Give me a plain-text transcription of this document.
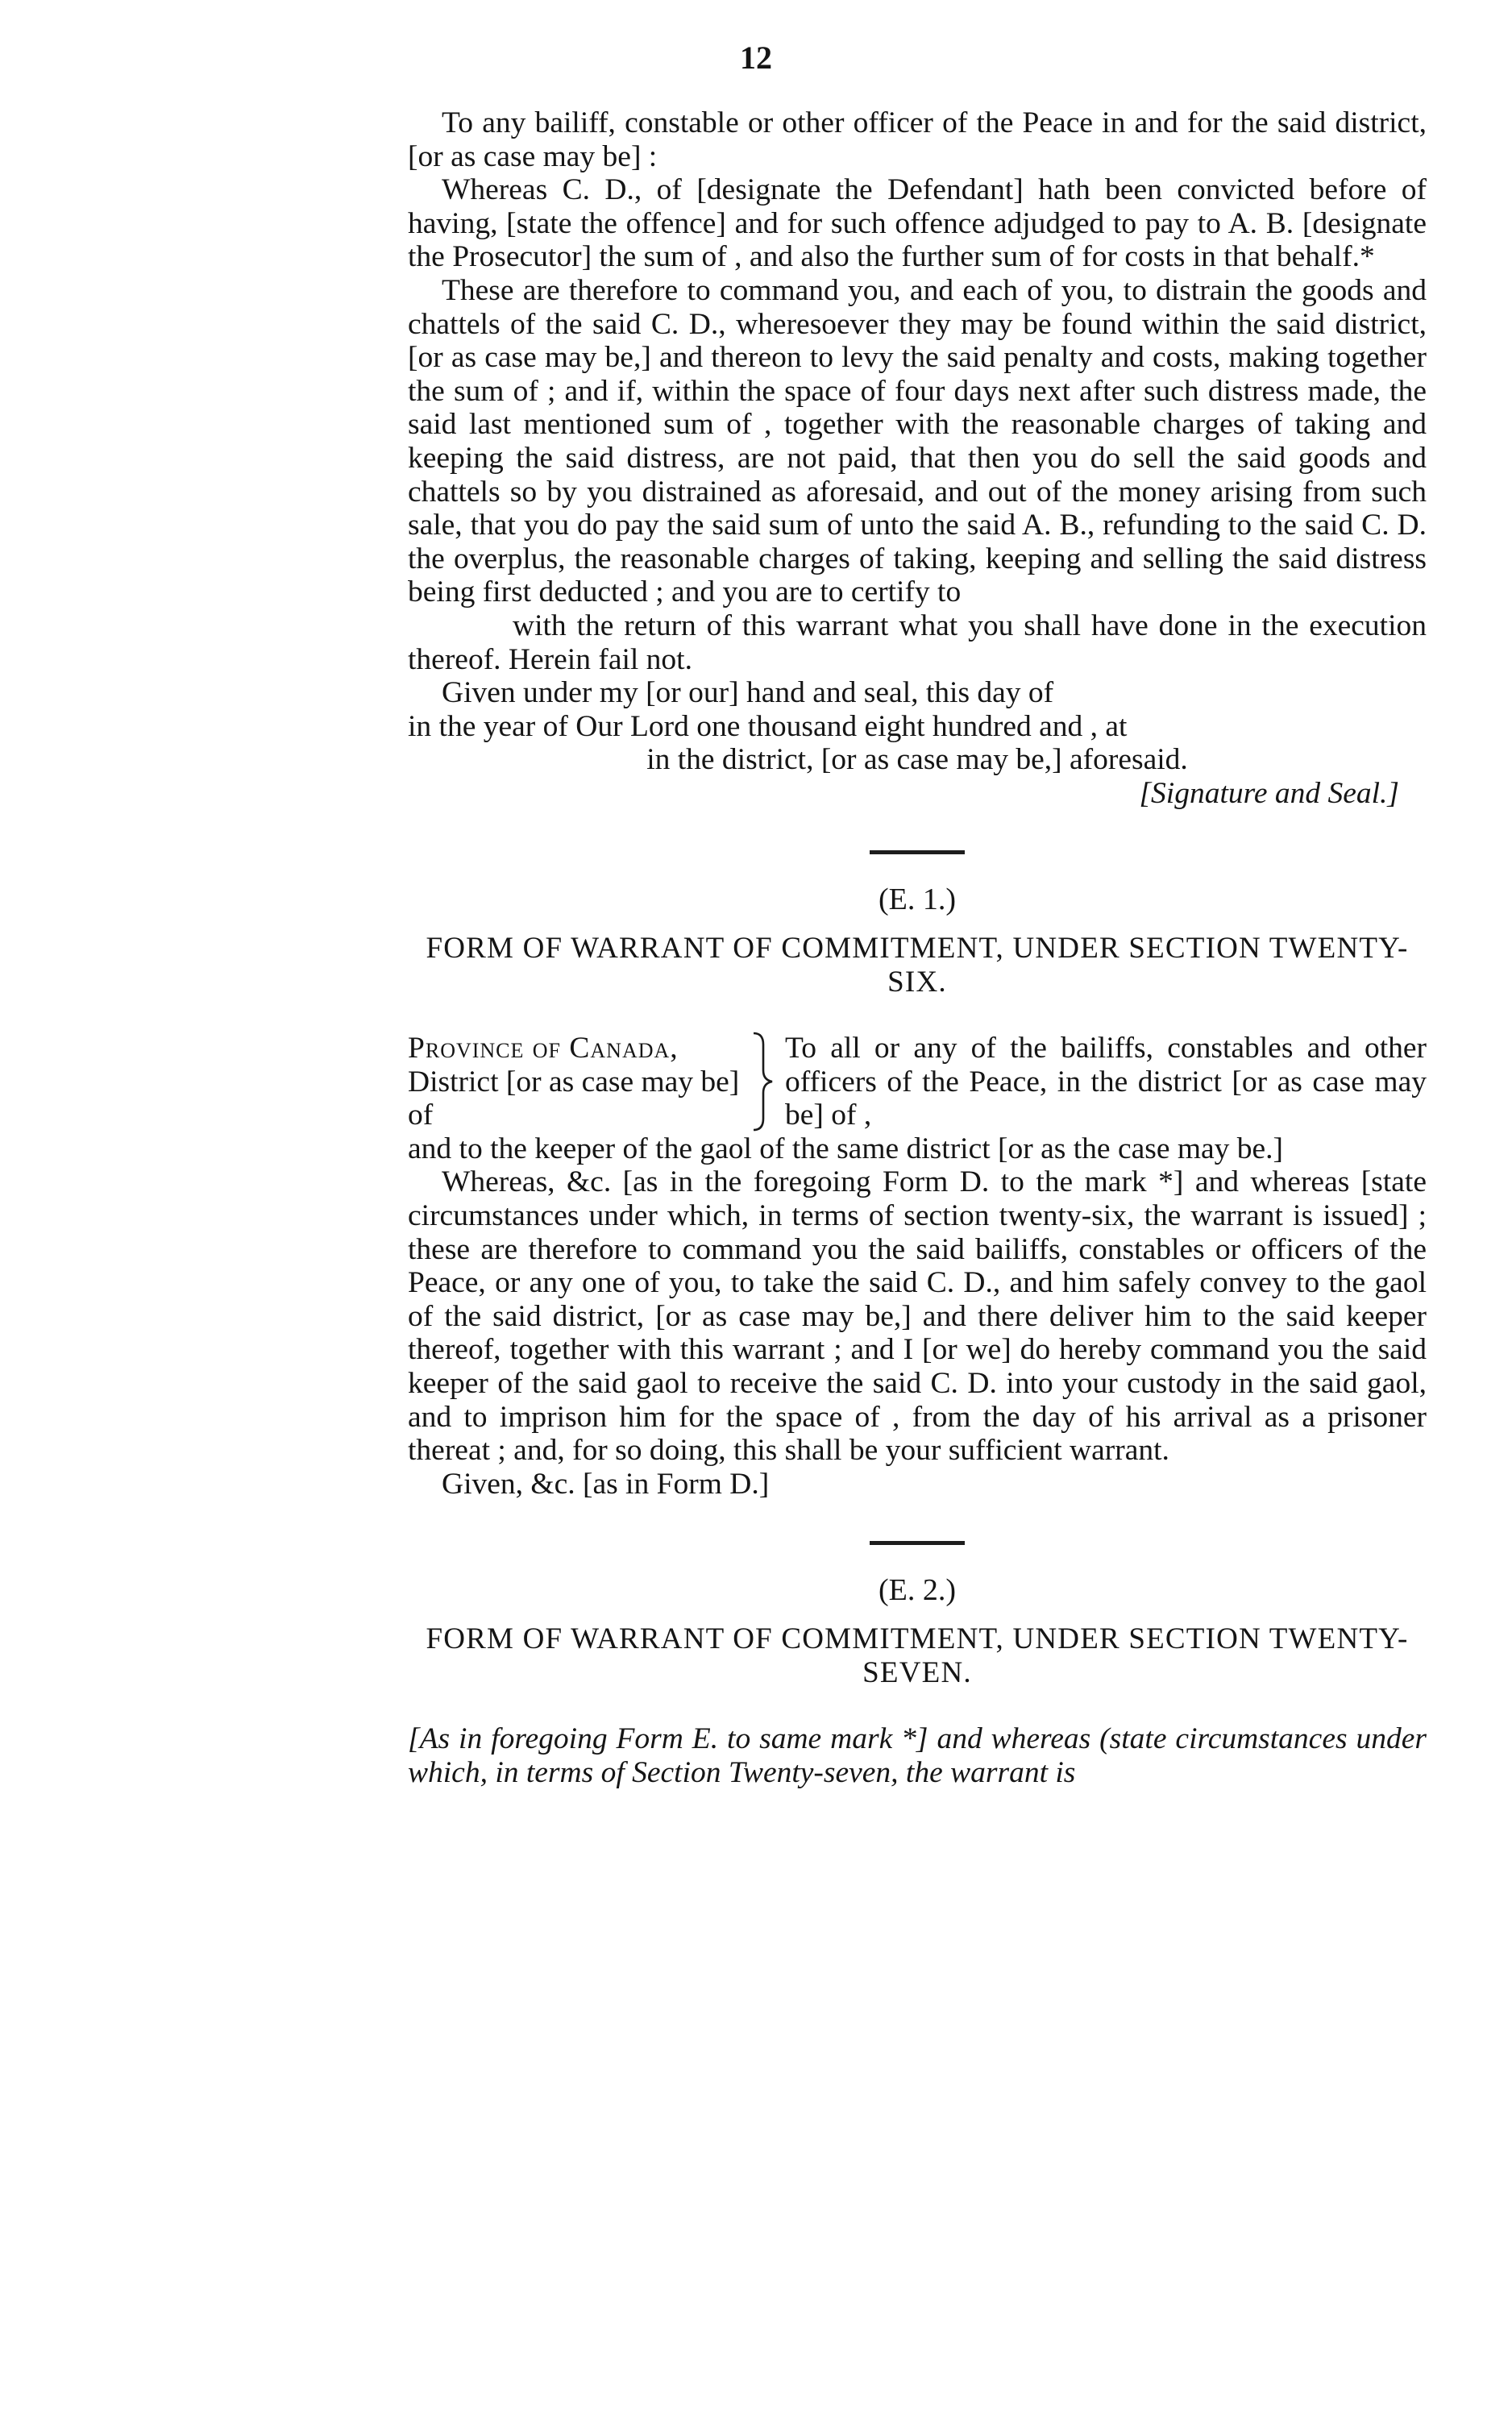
12

To any bailiff, constable or other officer of the Peace in and for the said district, [or as case may be] :

Whereas C. D., of [designate the Defendant] hath been convicted before of having, [state the offence] and for such offence adjudged to pay to A. B. [designate the Prosecutor] the sum of , and also the further sum of for costs in that behalf.*

These are therefore to command you, and each of you, to distrain the goods and chattels of the said C. D., wheresoever they may be found within the said district, [or as case may be,] and thereon to levy the said penalty and costs, making together the sum of ; and if, within the space of four days next after such distress made, the said last mentioned sum of , together with the reasonable charges of taking and keeping the said distress, are not paid, that then you do sell the said goods and chattels so by you distrained as aforesaid, and out of the money arising from such sale, that you do pay the said sum of unto the said A. B., refunding to the said C. D. the overplus, the reasonable charges of taking, keeping and selling the said distress being first deducted ; and you are to certify to

with the return of this warrant what you shall have done in the execution thereof. Herein fail not.

Given under my [or our] hand and seal, this day of

in the year of Our Lord one thousand eight hundred and , at

in the district, [or as case may be,] aforesaid.

[Signature and Seal.]

(E. 1.)
FORM OF WARRANT OF COMMITMENT, UNDER SECTION TWENTY-SIX.
Province of Canada,
District [or as case may be] of
To all or any of the bailiffs, constables and other officers of the Peace, in the district [or as case may be] of ,

and to the keeper of the gaol of the same district [or as the case may be.]

Whereas, &c. [as in the foregoing Form D. to the mark *] and whereas [state circumstances under which, in terms of section twenty-six, the warrant is issued] ; these are therefore to command you the said bailiffs, constables or officers of the Peace, or any one of you, to take the said C. D., and him safely convey to the gaol of the said district, [or as case may be,] and there deliver him to the said keeper thereof, together with this warrant ; and I [or we] do hereby command you the said keeper of the said gaol to receive the said C. D. into your custody in the said gaol, and to imprison him for the space of , from the day of his arrival as a prisoner thereat ; and, for so doing, this shall be your sufficient warrant.

Given, &c. [as in Form D.]

(E. 2.)
FORM OF WARRANT OF COMMITMENT, UNDER SECTION TWENTY-SEVEN.

[As in foregoing Form E. to same mark *] and whereas (state circumstances under which, in terms of Section Twenty-seven, the warrant is
